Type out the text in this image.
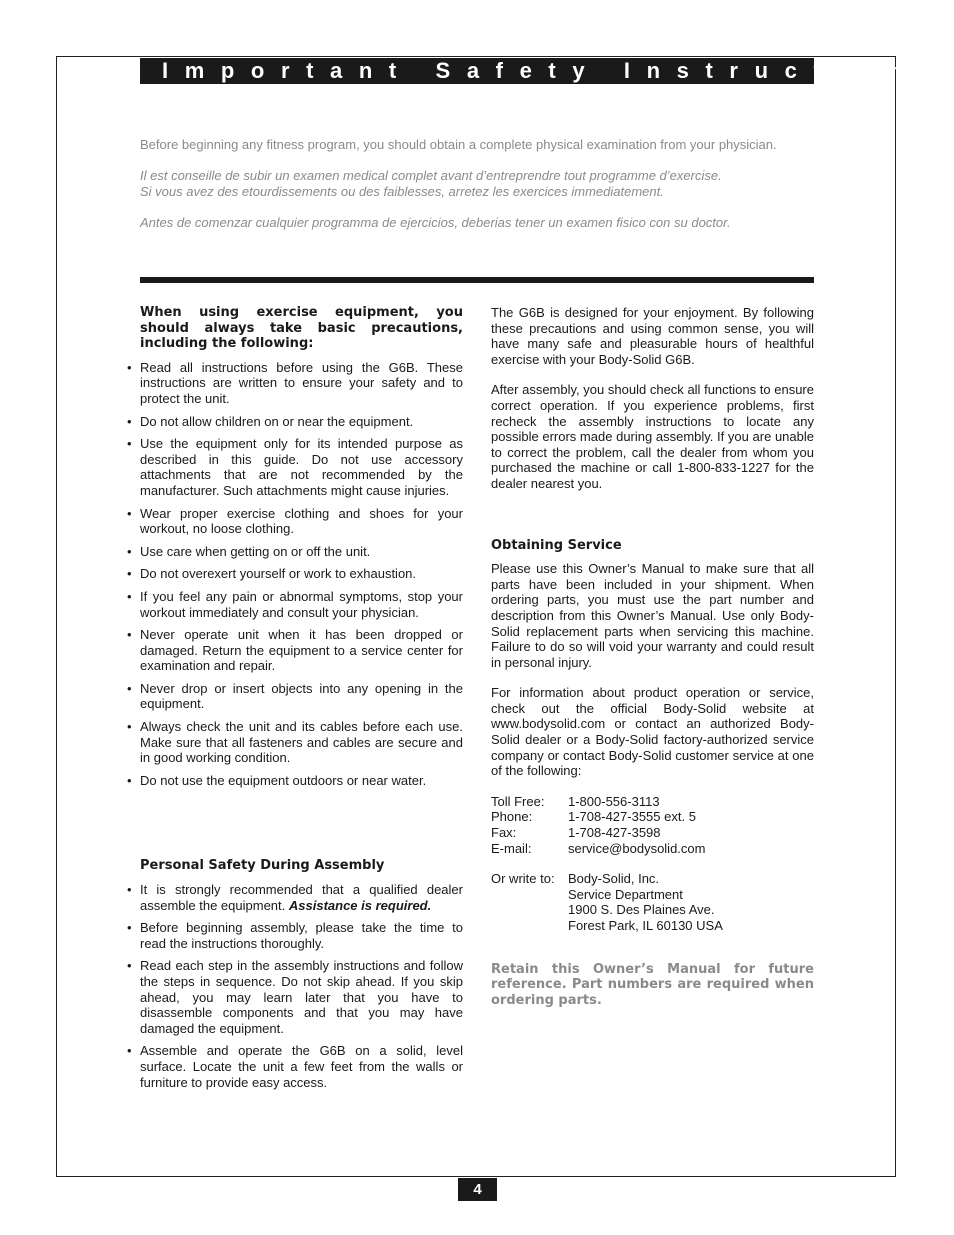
Important Safety Instructions

Before beginning any fitness program, you should obtain a complete physical examination from your physician.

Il est conseille de subir un examen medical complet avant d’entreprendre tout programme d’exercise.
Si vous avez des etourdissements ou des faiblesses, arretez les exercices immediatement.

Antes de comenzar cualquier programma de ejercicios, deberias tener un examen fisico con su doctor.

When using exercise equipment, you should always take basic precautions, including the following:

• Read all instructions before using the G6B. These instructions are written to ensure your safety and to protect the unit.
• Do not allow children on or near the equipment.
• Use the equipment only for its intended purpose as described in this guide. Do not use accessory attachments that are not recommended by the manufacturer. Such attachments might cause injuries.
• Wear proper exercise clothing and shoes for your workout, no loose clothing.
• Use care when getting on or off the unit.
• Do not overexert yourself or work to exhaustion.
• If you feel any pain or abnormal symptoms, stop your workout immediately and consult your physician.
• Never operate unit when it has been dropped or damaged. Return the equipment to a service center for examination and repair.
• Never drop or insert objects into any opening in the equipment.
• Always check the unit and its cables before each use. Make sure that all fasteners and cables are secure and in good working condition.
• Do not use the equipment outdoors or near water.

Personal Safety During Assembly

• It is strongly recommended that a qualified dealer assemble the equipment. Assistance is required.
• Before beginning assembly, please take the time to read the instructions thoroughly.
• Read each step in the assembly instructions and follow the steps in sequence. Do not skip ahead. If you skip ahead, you may learn later that you have to disassemble components and that you may have damaged the equipment.
• Assemble and operate the G6B on a solid, level surface. Locate the unit a few feet from the walls or furniture to provide easy access.

The G6B is designed for your enjoyment. By following these precautions and using common sense, you will have many safe and pleasurable hours of healthful exercise with your Body-Solid G6B.

After assembly, you should check all functions to ensure correct operation. If you experience problems, first recheck the assembly instructions to locate any possible errors made during assembly. If you are unable to correct the problem, call the dealer from whom you purchased the machine or call 1-800-833-1227 for the dealer nearest you.

Obtaining Service

Please use this Owner’s Manual to make sure that all parts have been included in your shipment. When ordering parts, you must use the part number and description from this Owner’s Manual. Use only Body-Solid replacement parts when servicing this machine. Failure to do so will void your warranty and could result in personal injury.

For information about product operation or service, check out the official Body-Solid website at www.bodysolid.com or contact an authorized Body-Solid dealer or a Body-Solid factory-authorized service company or contact Body-Solid customer service at one of the following:

Toll Free:	1-800-556-3113
Phone:	1-708-427-3555 ext. 5
Fax:	1-708-427-3598
E-mail:	service@bodysolid.com
Or write to:	Body-Solid, Inc.
Service Department
1900 S. Des Plaines Ave.
Forest Park, IL 60130 USA

Retain this Owner’s Manual for future reference. Part numbers are required when ordering parts.

4
